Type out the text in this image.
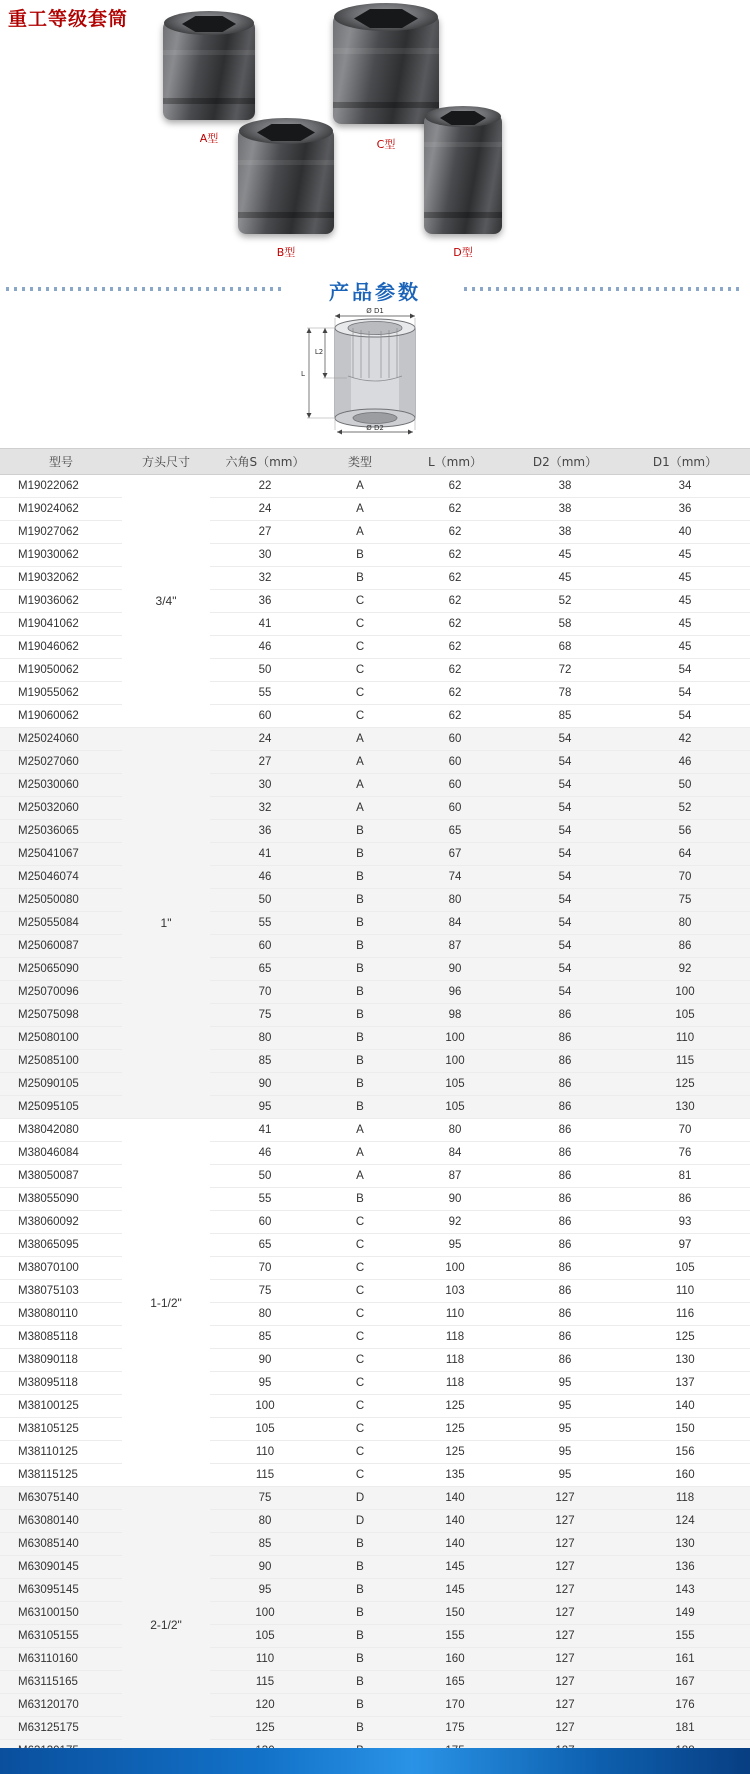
重工等级套筒
A型
B型
C型
D型
产品参数
Ø D1
Ø D2
L
L2
型号	方头尺寸	六角S（mm）	类型	L（mm）	D2（mm）	D1（mm）
M19022062	3/4"	22	A	62	38	34
M19024062		24	A	62	38	36
M19027062		27	A	62	38	40
M19030062		30	B	62	45	45
M19032062		32	B	62	45	45
M19036062		36	C	62	52	45
M19041062		41	C	62	58	45
M19046062		46	C	62	68	45
M19050062		50	C	62	72	54
M19055062		55	C	62	78	54
M19060062		60	C	62	85	54
M25024060	1"	24	A	60	54	42
M25027060		27	A	60	54	46
M25030060		30	A	60	54	50
M25032060		32	A	60	54	52
M25036065		36	B	65	54	56
M25041067		41	B	67	54	64
M25046074		46	B	74	54	70
M25050080		50	B	80	54	75
M25055084		55	B	84	54	80
M25060087		60	B	87	54	86
M25065090		65	B	90	54	92
M25070096		70	B	96	54	100
M25075098		75	B	98	86	105
M25080100		80	B	100	86	110
M25085100		85	B	100	86	115
M25090105		90	B	105	86	125
M25095105		95	B	105	86	130
M38042080	1-1/2"	41	A	80	86	70
M38046084		46	A	84	86	76
M38050087		50	A	87	86	81
M38055090		55	B	90	86	86
M38060092		60	C	92	86	93
M38065095		65	C	95	86	97
M38070100		70	C	100	86	105
M38075103		75	C	103	86	110
M38080110		80	C	110	86	116
M38085118		85	C	118	86	125
M38090118		90	C	118	86	130
M38095118		95	C	118	95	137
M38100125		100	C	125	95	140
M38105125		105	C	125	95	150
M38110125		110	C	125	95	156
M38115125		115	C	135	95	160
M63075140	2-1/2"	75	D	140	127	118
M63080140		80	D	140	127	124
M63085140		85	B	140	127	130
M63090145		90	B	145	127	136
M63095145		95	B	145	127	143
M63100150		100	B	150	127	149
M63105155		105	B	155	127	155
M63110160		110	B	160	127	161
M63115165		115	B	165	127	167
M63120170		120	B	170	127	176
M63125175		125	B	175	127	181
